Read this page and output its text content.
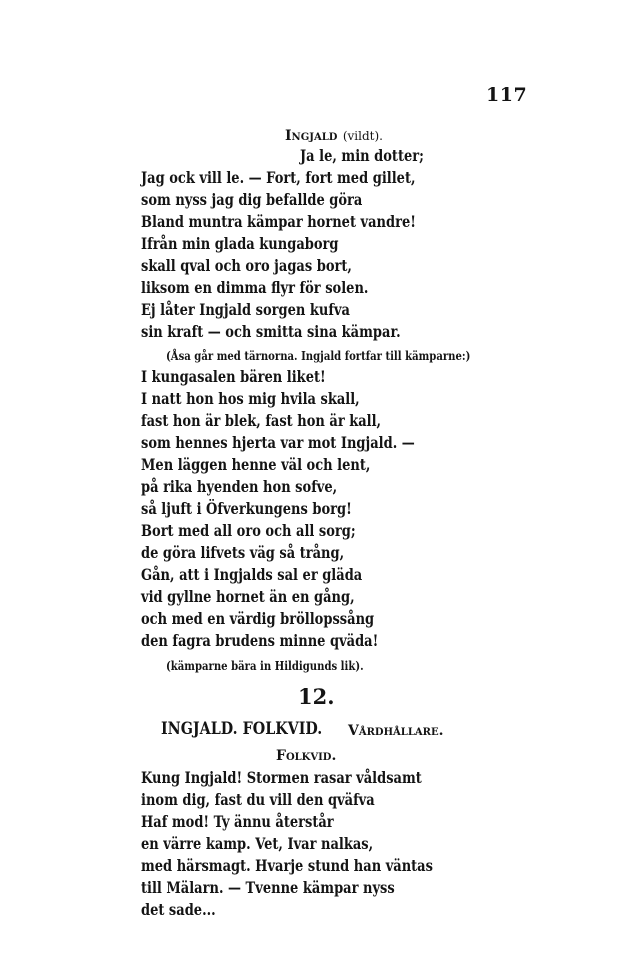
117
Ingjald (vildt).
Ja le, min dotter;
Jag ock vill le. — Fort, fort med gillet,
som nyss jag dig befallde göra
Bland muntra kämpar hornet vandre!
Ifrån min glada kungaborg
skall qval och oro jagas bort,
liksom en dimma flyr för solen.
Ej låter Ingjald sorgen kufva
sin kraft — och smitta sina kämpar.
(Åsa går med tärnorna. Ingjald fortfar till kämparne:)
I kungasalen bären liket!
I natt hon hos mig hvila skall,
fast hon är blek, fast hon är kall,
som hennes hjerta var mot Ingjald. —
Men läggen henne väl och lent,
på rika hyenden hon sofve,
så ljuft i Öfverkungens borg!
Bort med all oro och all sorg;
de göra lifvets väg så trång,
Gån, att i Ingjalds sal er gläda
vid gyllne hornet än en gång,
och med en värdig bröllopssång
den fagra brudens minne qväda!
(kämparne bära in Hildigunds lik).
12.
INGJALD. FOLKVID.	Vårdhållare.
Folkvid.
Kung Ingjald! Stormen rasar våldsamt
inom dig, fast du vill den qväfva
Haf mod! Ty ännu återstår
en värre kamp. Vet, Ivar nalkas,
med härsmagt. Hvarje stund han väntas
till Mälarn. — Tvenne kämpar nyss
det sade...
